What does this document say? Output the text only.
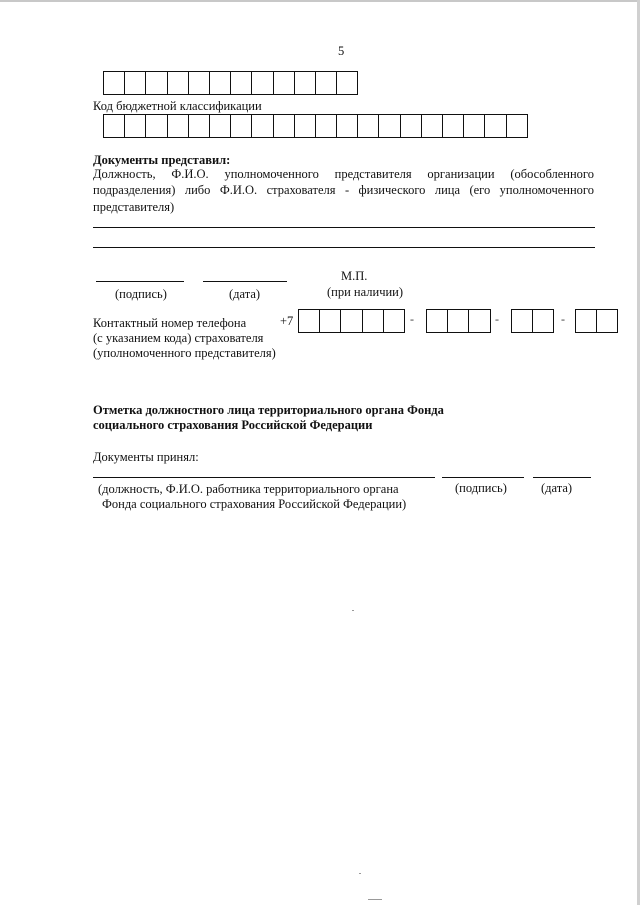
5
Код бюджетной классификации
Документы представил:
Должность, Ф.И.О. уполномоченного представителя организации (обособленного
подразделения) либо Ф.И.О. страхователя - физического лица (его уполномоченного
представителя)
М.П.
(подпись)	(дата)	(при наличии)
Контактный номер телефона
(с указанием кода) страхователя
(уполномоченного представителя)
+7	-	-	-
Отметка должностного лица территориального органа Фонда
социального страхования Российской Федерации
Документы принял:
(должность, Ф.И.О. работника территориального органа
Фонда социального страхования Российской Федерации)
(подпись)	(дата)
